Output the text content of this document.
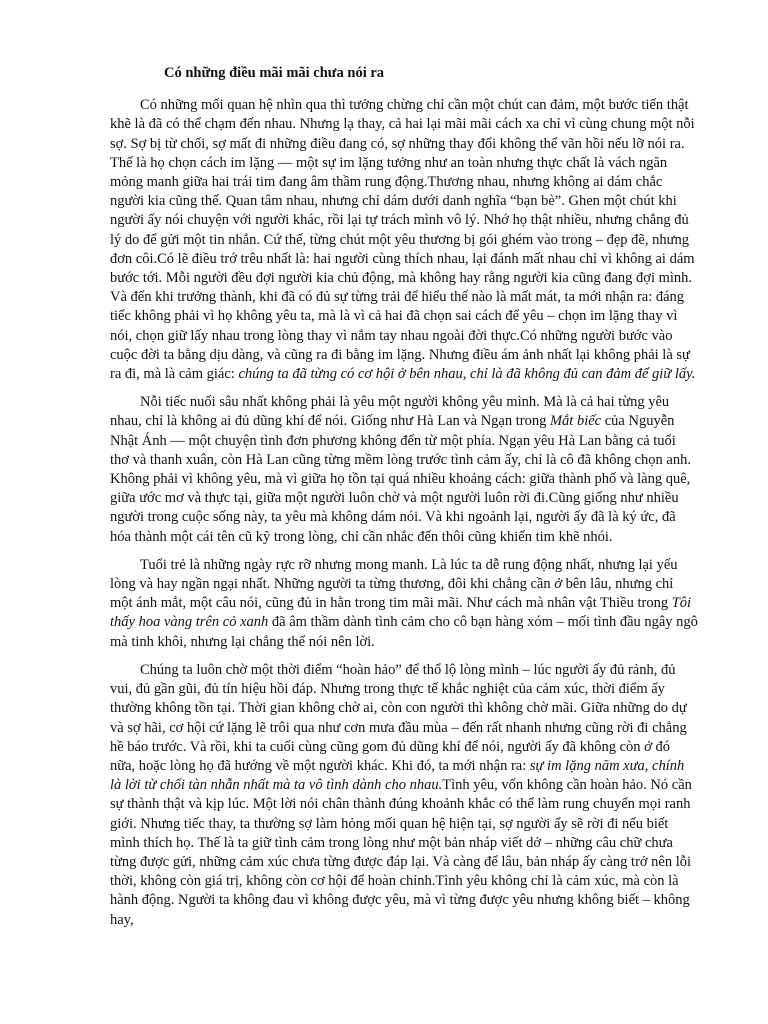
Có những điều mãi mãi chưa nói ra

Có những mối quan hệ nhìn qua thì tưởng chừng chỉ cần một chút can đảm, một bước tiến thật khẽ là đã có thể chạm đến nhau. Nhưng lạ thay, cả hai lại mãi mãi cách xa chỉ vì cùng chung một nỗi sợ. Sợ bị từ chối, sợ mất đi những điều đang có, sợ những thay đổi không thể vãn hồi nếu lỡ nói ra. Thế là họ chọn cách im lặng — một sự im lặng tưởng như an toàn nhưng thực chất là vách ngăn mỏng manh giữa hai trái tim đang âm thầm rung động.Thương nhau, nhưng không ai dám chắc người kia cũng thế. Quan tâm nhau, nhưng chỉ dám dưới danh nghĩa “bạn bè”. Ghen một chút khi người ấy nói chuyện với người khác, rồi lại tự trách mình vô lý. Nhớ họ thật nhiều, nhưng chẳng đủ lý do để gửi một tin nhắn. Cứ thế, từng chút một yêu thương bị gói ghém vào trong – đẹp đẽ, nhưng đơn côi.Có lẽ điều trớ trêu nhất là: hai người cùng thích nhau, lại đánh mất nhau chỉ vì không ai dám bước tới. Mỗi người đều đợi người kia chủ động, mà không hay rằng người kia cũng đang đợi mình. Và đến khi trưởng thành, khi đã có đủ sự từng trải để hiểu thế nào là mất mát, ta mới nhận ra: đáng tiếc không phải vì họ không yêu ta, mà là vì cả hai đã chọn sai cách để yêu – chọn im lặng thay vì nói, chọn giữ lấy nhau trong lòng thay vì nắm tay nhau ngoài đời thực.Có những người bước vào cuộc đời ta bằng dịu dàng, và cũng ra đi bằng im lặng. Nhưng điều ám ảnh nhất lại không phải là sự ra đi, mà là cảm giác: chúng ta đã từng có cơ hội ở bên nhau, chỉ là đã không đủ can đảm để giữ lấy.

Nỗi tiếc nuối sâu nhất không phải là yêu một người không yêu mình. Mà là cả hai từng yêu nhau, chỉ là không ai đủ dũng khí để nói. Giống như Hà Lan và Ngạn trong Mắt biếc của Nguyễn Nhật Ánh — một chuyện tình đơn phương không đến từ một phía. Ngạn yêu Hà Lan bằng cả tuổi thơ và thanh xuân, còn Hà Lan cũng từng mềm lòng trước tình cảm ấy, chỉ là cô đã không chọn anh. Không phải vì không yêu, mà vì giữa họ tồn tại quá nhiều khoảng cách: giữa thành phố và làng quê, giữa ước mơ và thực tại, giữa một người luôn chờ và một người luôn rời đi.Cũng giống như nhiều người trong cuộc sống này, ta yêu mà không dám nói. Và khi ngoảnh lại, người ấy đã là ký ức, đã hóa thành một cái tên cũ kỹ trong lòng, chỉ cần nhắc đến thôi cũng khiến tim khẽ nhói.

Tuổi trẻ là những ngày rực rỡ nhưng mong manh. Là lúc ta dễ rung động nhất, nhưng lại yếu lòng và hay ngần ngại nhất. Những người ta từng thương, đôi khi chẳng cần ở bên lâu, nhưng chỉ một ánh mắt, một câu nói, cũng đủ in hằn trong tim mãi mãi. Như cách mà nhân vật Thiều trong Tôi thấy hoa vàng trên cỏ xanh đã âm thầm dành tình cảm cho cô bạn hàng xóm – mối tình đầu ngây ngô mà tinh khôi, nhưng lại chẳng thể nói nên lời.

Chúng ta luôn chờ một thời điểm “hoàn hảo” để thổ lộ lòng mình – lúc người ấy đủ rảnh, đủ vui, đủ gần gũi, đủ tín hiệu hồi đáp. Nhưng trong thực tế khắc nghiệt của cảm xúc, thời điểm ấy thường không tồn tại. Thời gian không chờ ai, còn con người thì không chờ mãi. Giữa những do dự và sợ hãi, cơ hội cứ lặng lẽ trôi qua như cơn mưa đầu mùa – đến rất nhanh nhưng cũng rời đi chẳng hề báo trước. Và rồi, khi ta cuối cùng cũng gom đủ dũng khí để nói, người ấy đã không còn ở đó nữa, hoặc lòng họ đã hướng về một người khác. Khi đó, ta mới nhận ra: sự im lặng năm xưa, chính là lời từ chối tàn nhẫn nhất mà ta vô tình dành cho nhau.Tình yêu, vốn không cần hoàn hảo. Nó cần sự thành thật và kịp lúc. Một lời nói chân thành đúng khoảnh khắc có thể làm rung chuyển mọi ranh giới. Nhưng tiếc thay, ta thường sợ làm hỏng mối quan hệ hiện tại, sợ người ấy sẽ rời đi nếu biết mình thích họ. Thế là ta giữ tình cảm trong lòng như một bản nháp viết dở – những câu chữ chưa từng được gửi, những cảm xúc chưa từng được đáp lại. Và càng để lâu, bản nháp ấy càng trở nên lỗi thời, không còn giá trị, không còn cơ hội để hoàn chỉnh.Tình yêu không chỉ là cảm xúc, mà còn là hành động. Người ta không đau vì không được yêu, mà vì từng được yêu nhưng không biết – không hay,
